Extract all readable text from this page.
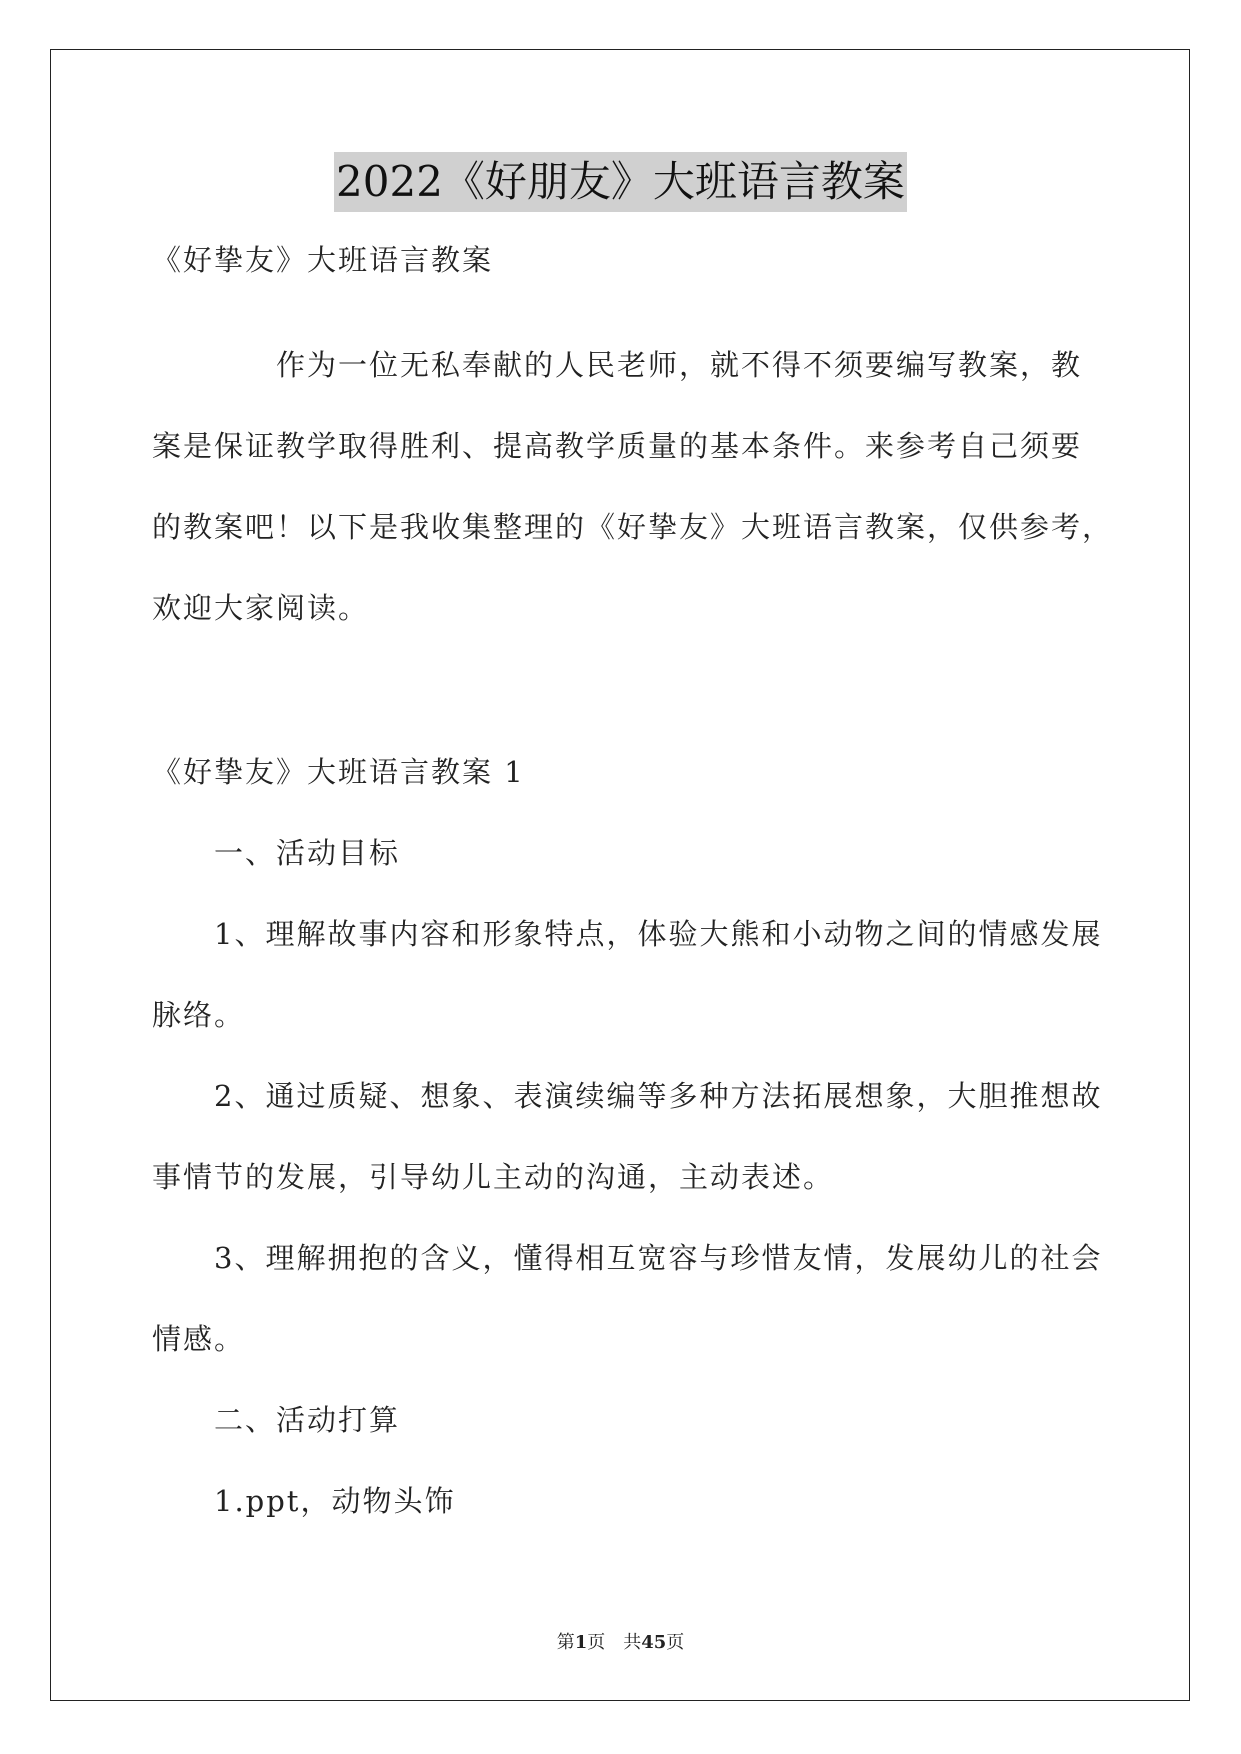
2022《好朋友》大班语言教案
《好挚友》大班语言教案
　　　　作为一位无私奉献的人民老师，就不得不须要编写教案，教
案是保证教学取得胜利、提高教学质量的基本条件。来参考自己须要
的教案吧！以下是我收集整理的《好挚友》大班语言教案，仅供参考，
欢迎大家阅读。
《好挚友》大班语言教案 1
　　一、活动目标
　　1、理解故事内容和形象特点，体验大熊和小动物之间的情感发展
脉络。
　　2、通过质疑、想象、表演续编等多种方法拓展想象，大胆推想故
事情节的发展，引导幼儿主动的沟通，主动表述。
　　3、理解拥抱的含义，懂得相互宽容与珍惜友情，发展幼儿的社会
情感。
　　二、活动打算
　　1.ppt，动物头饰
第1页　共45页
